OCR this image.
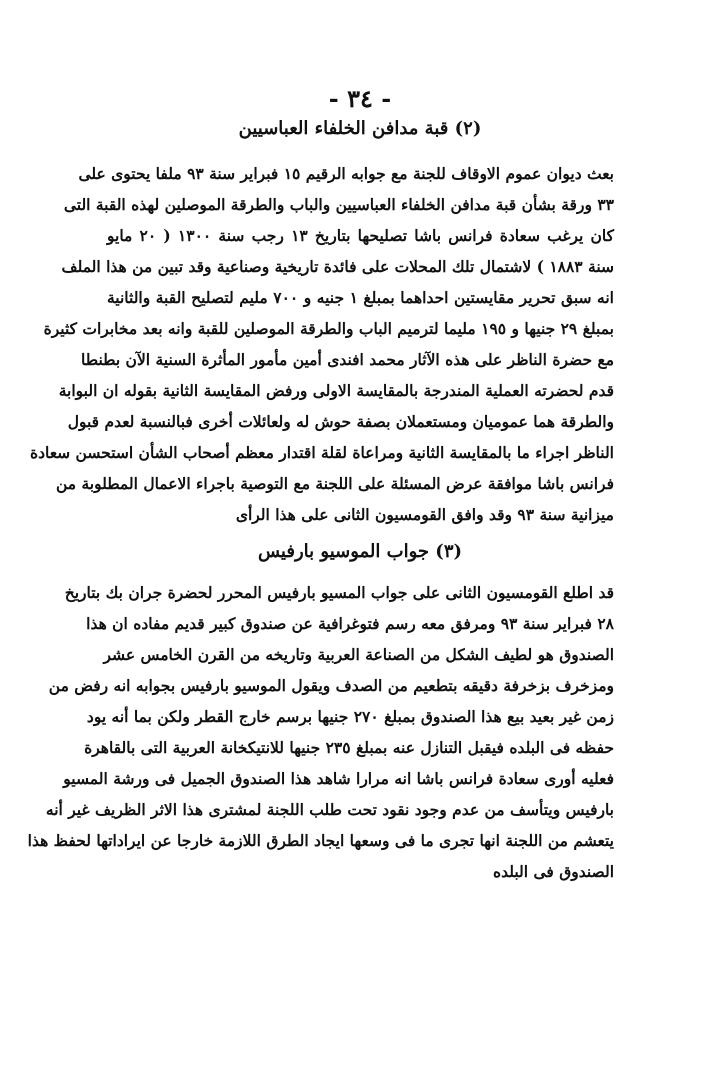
- ٣٤ -
(٢) قبة مدافن الخلفاء العباسيين
بعث ديوان عموم الاوقاف للجنة مع جوابه الرقيم ١٥ فبراير سنة ٩٣ ملفا يحتوى على
٣٣ ورقة بشأن قبة مدافن الخلفاء العباسيين والباب والطرقة الموصلين لهذه القبة التى
كان يرغب سعادة فرانس باشا تصليحها بتاريخ ١٣ رجب سنة ١٣٠٠ ( ٢٠ مايو
سنة ١٨٨٣ ) لاشتمال تلك المحلات على فائدة تاريخية وصناعية وقد تبين من هذا الملف
انه سبق تحرير مقايستين احداهما بمبلغ ١ جنيه و ٧٠٠ مليم لتصليح القبة والثانية
بمبلغ ٢٩ جنيها و ١٩٥ مليما لترميم الباب والطرقة الموصلين للقبة وانه بعد مخابرات كثيرة
مع حضرة الناظر على هذه الآثار محمد افندى أمين مأمور المأثرة السنية الآن بطنطا
قدم لحضرته العملية المندرجة بالمقايسة الاولى ورفض المقايسة الثانية بقوله ان البوابة
والطرقة هما عموميان ومستعملان بصفة حوش له ولعائلات أخرى فبالنسبة لعدم قبول
الناظر اجراء ما بالمقايسة الثانية ومراعاة لقلة اقتدار معظم أصحاب الشأن استحسن سعادة
فرانس باشا موافقة عرض المسئلة على اللجنة مع التوصية باجراء الاعمال المطلوبة من
ميزانية سنة ٩٣ وقد وافق القومسيون الثانى على هذا الرأى
(٣) جواب الموسيو بارفيس
قد اطلع القومسيون الثانى على جواب المسيو بارفيس المحرر لحضرة جران بك بتاريخ
٢٨ فبراير سنة ٩٣ ومرفق معه رسم فتوغرافية عن صندوق كبير قديم مفاده ان هذا
الصندوق هو لطيف الشكل من الصناعة العربية وتاريخه من القرن الخامس عشر
ومزخرف بزخرفة دقيقه بتطعيم من الصدف ويقول الموسيو بارفيس بجوابه انه رفض من
زمن غير بعيد بيع هذا الصندوق بمبلغ ٢٧٠ جنيها برسم خارج القطر ولكن بما أنه يود
حفظه فى البلده فيقبل التنازل عنه بمبلغ ٢٣٥ جنيها للانتيكخانة العربية التى بالقاهرة
فعليه أورى سعادة فرانس باشا انه مرارا شاهد هذا الصندوق الجميل فى ورشة المسيو
بارفيس ويتأسف من عدم وجود نقود تحت طلب اللجنة لمشترى هذا الاثر الظريف غير أنه
يتعشم من اللجنة انها تجرى ما فى وسعها ايجاد الطرق اللازمة خارجا عن ايراداتها لحفظ هذا
الصندوق فى البلده
